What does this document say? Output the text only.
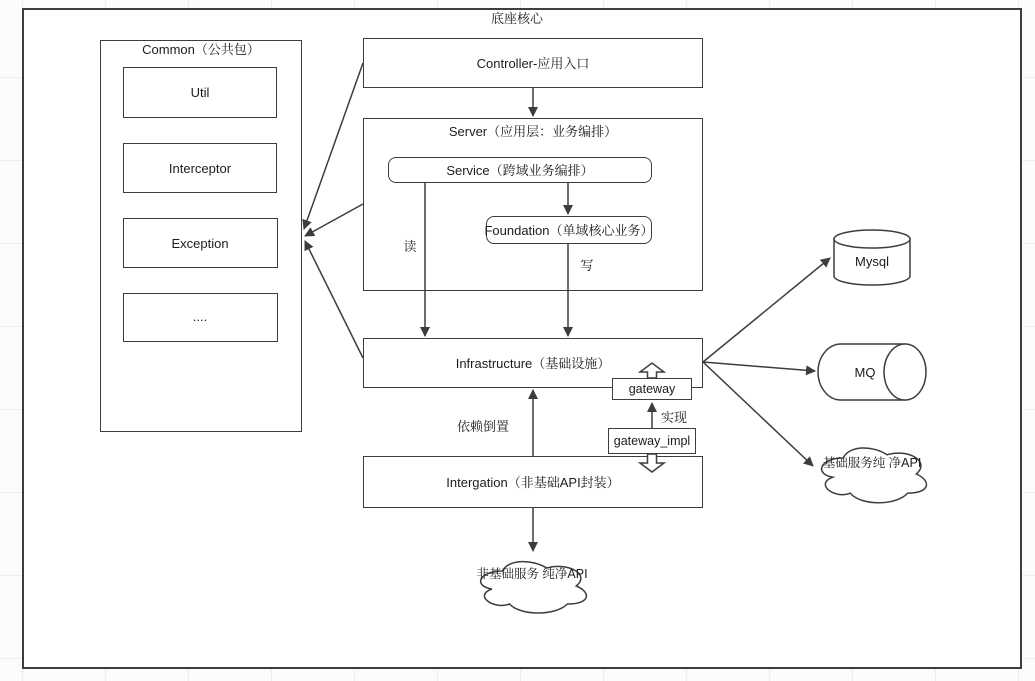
底座核心
Common（公共包）
Util
Interceptor
Exception
....
Controller-应用入口
Server（应用层：业务编排）
Service（跨域业务编排）
Foundation（单域核心业务）
Infrastructure（基础设施）
Intergation（非基础API封装）
gateway
gateway_impl
读
写
依赖倒置
实现
Mysql
MQ
基础服务纯 净API
非基础服务 纯净API
